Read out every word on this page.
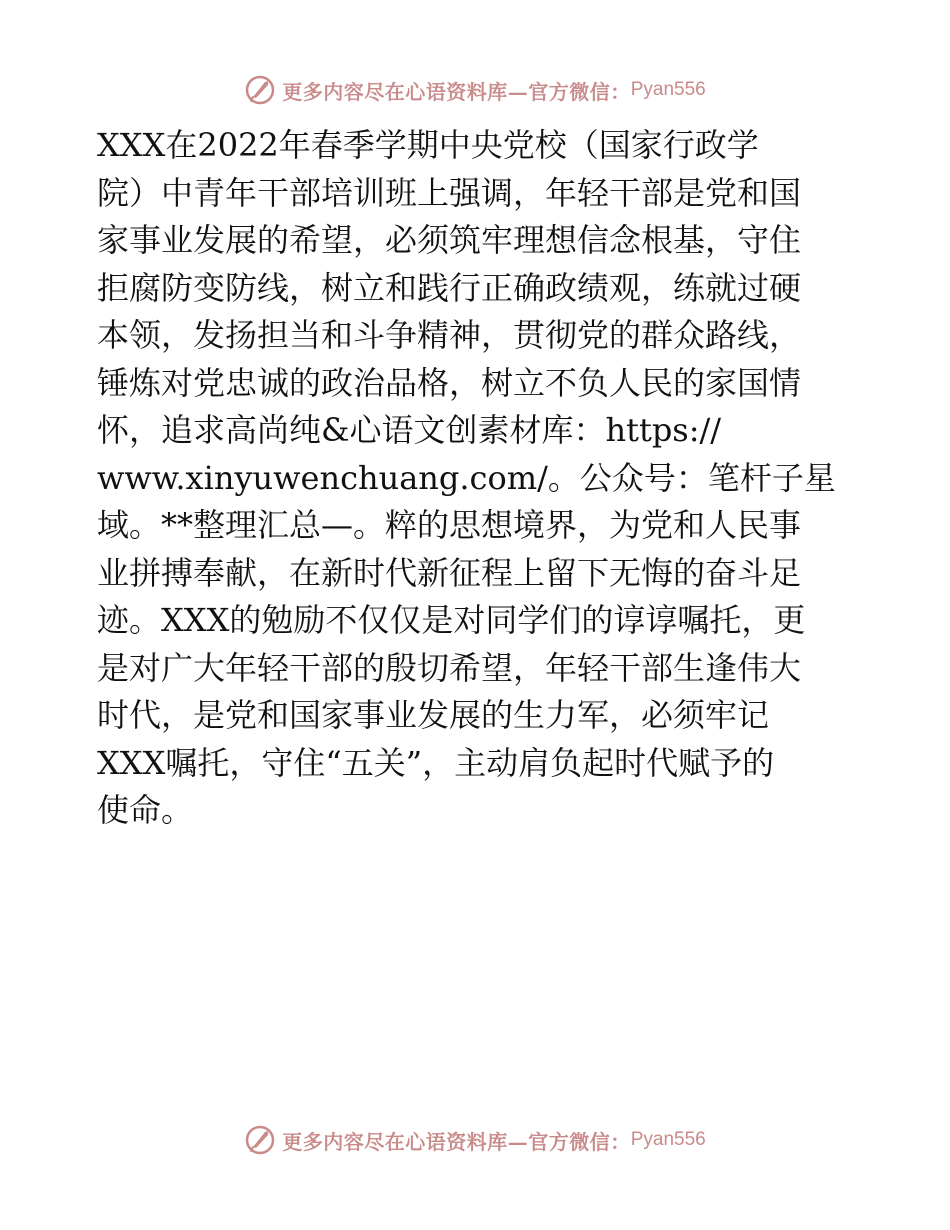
更多内容尽在心语资料库—官方微信： Pyan556
XXX在2022年春季学期中央党校（国家行政学
院）中青年干部培训班上强调，年轻干部是党和国
家事业发展的希望，必须筑牢理想信念根基，守住
拒腐防变防线，树立和践行正确政绩观，练就过硬
本领，发扬担当和斗争精神，贯彻党的群众路线，
锤炼对党忠诚的政治品格，树立不负人民的家国情
怀，追求高尚纯&心语文创素材库：https://
www.xinyuwenchuang.com/。公众号：笔杆子星
域。**整理汇总—。粹的思想境界，为党和人民事
业拼搏奉献，在新时代新征程上留下无悔的奋斗足
迹。XXX的勉励不仅仅是对同学们的谆谆嘱托，更
是对广大年轻干部的殷切希望，年轻干部生逢伟大
时代，是党和国家事业发展的生力军，必须牢记
XXX嘱托，守住“五关”，主动肩负起时代赋予的
使命。
更多内容尽在心语资料库—官方微信： Pyan556
